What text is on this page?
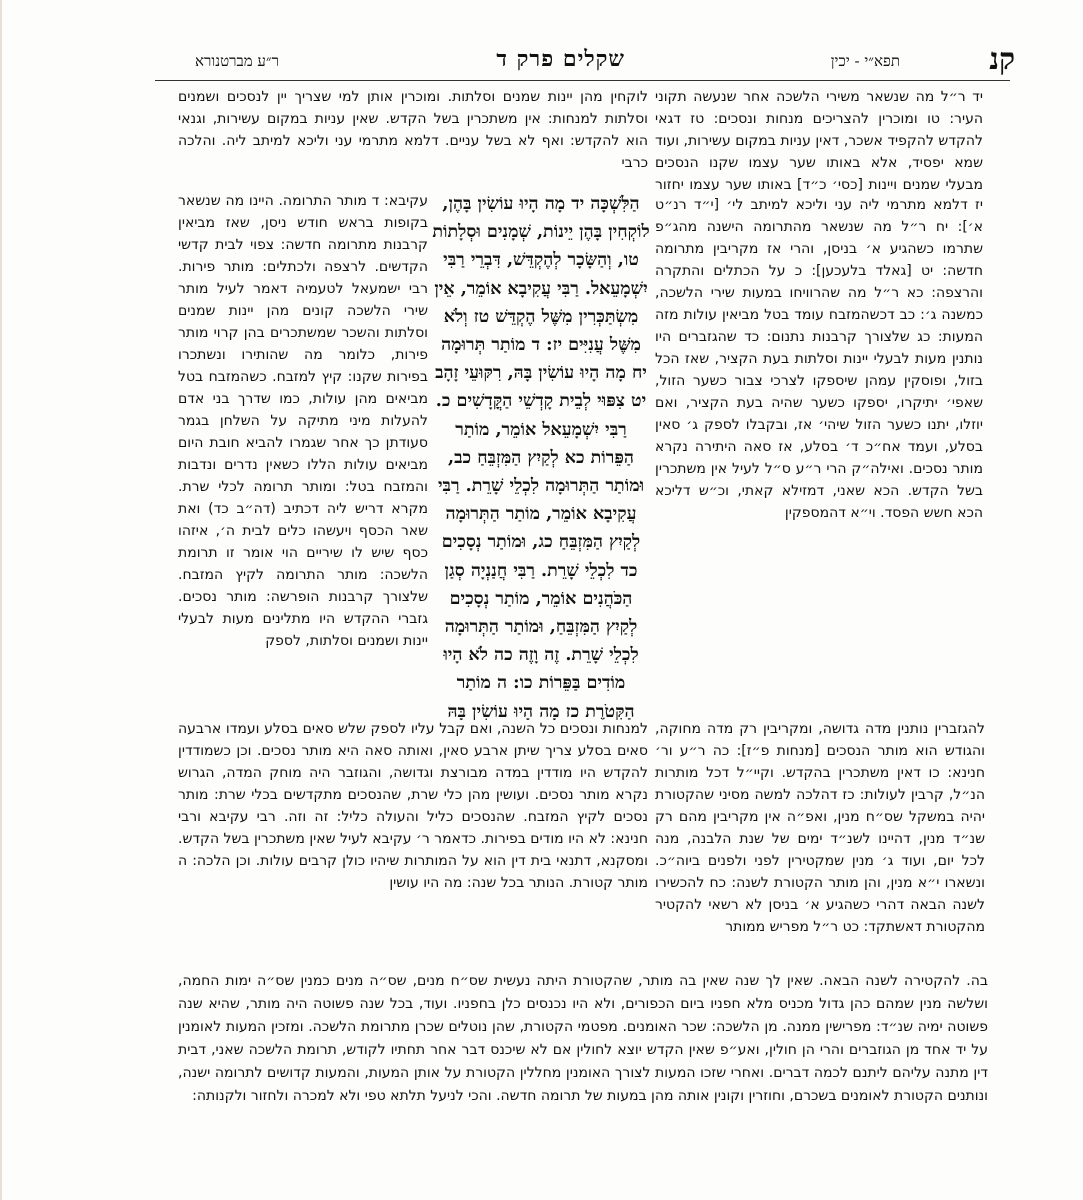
קנ
תפא״י - יכין
שקלים פרק ד
ר״ע מברטנורא

יד ר״ל מה שנשאר משירי הלשכה אחר שנעשה תקוני העיר: טו ומוכרין להצריכים מנחות ונסכים: טז דגאי להקדש להקפיד אשכר, דאין עניות במקום עשירות, ועוד שמא יפסיד, אלא באותו שער עצמו שקנו הנסכים מבעלי שמנים ויינות [כסי׳ כ״ד] באותו שער עצמו יחזור

יז דלמא מתרמי ליה עני וליכא למיתב לי׳ [י״ד רנ״ט א׳]: יח ר״ל מה שנשאר מהתרומה הישנה מהג״פ שתרמו כשהגיע א׳ בניסן, והרי אז מקריבין מתרומה חדשה: יט [גאלד בלעכען]: כ על הכתלים והתקרה והרצפה: כא ר״ל מה שהרוויחו במעות שירי הלשכה, כמשנה ג׳: כב דכשהמזבח עומד בטל מביאין עולות מזה המעות: כג שלצורך קרבנות נתנום: כד שהגזברים היו נותנין מעות לבעלי יינות וסלתות בעת הקציר, שאז הכל בזול, ופוסקין עמהן שיספקו לצרכי צבור כשער הזול, שאפי׳ יתיקרו, יספקו כשער שהיה בעת הקציר, ואם יוזלו, יתנו כשער הזול שיהי׳ אז, ובקבלו לספק ג׳ סאין בסלע, ועמד אח״כ ד׳ בסלע, אז סאה היתירה נקרא מותר נסכים. ואילה״ק הרי ר״ע ס״ל לעיל אין משתכרין בשל הקדש. הכא שאני, דמזילא קאתי, וכ״ש דליכא הכא חשש הפסד. וי״א דהמספקין

להגזברין נותנין מדה גדושה, ומקריבין רק מדה מחוקה, והגודש הוא מותר הנסכים [מנחות פ״ז]: כה ר״ע ור׳ חנינא: כו דאין משתכרין בהקדש. וקיי״ל דכל מותרות הנ״ל, קרבין לעולות: כז דהלכה למשה מסיני שהקטורת יהיה במשקל שס״ח מנין, ואפ״ה אין מקריבין מהם רק שנ״ד מנין, דהיינו לשנ״ד ימים של שנת הלבנה, מנה לכל יום, ועוד ג׳ מנין שמקטירין לפני ולפנים ביוה״כ. ונשארו י״א מנין, והן מותר הקטורת לשנה: כח להכשירו לשנה הבאה דהרי כשהגיע א׳ בניסן לא רשאי להקטיר מהקטורת דאשתקד: כט ר״ל מפריש ממותר

לוקחין מהן יינות שמנים וסלתות. ומוכרין אותן למי שצריך יין לנסכים ושמנים וסלתות למנחות: אין משתכרין בשל הקדש. שאין עניות במקום עשירות, וגנאי הוא להקדש: ואף לא בשל עניים. דלמא מתרמי עני וליכא למיתב ליה. והלכה כרבי

עקיבא: ד מותר התרומה. היינו מה שנשאר בקופות בראש חודש ניסן, שאז מביאין קרבנות מתרומה חדשה: צפוי לבית קדשי הקדשים. לרצפה ולכתלים: מותר פירות. רבי ישמעאל לטעמיה דאמר לעיל מותר שירי הלשכה קונים מהן יינות שמנים וסלתות והשכר שמשתכרים בהן קרוי מותר פירות, כלומר מה שהותירו ונשתכרו בפירות שקנו: קיץ למזבח. כשהמזבח בטל מביאים מהן עולות, כמו שדרך בני אדם להעלות מיני מתיקה על השלחן בגמר סעודתן כך אחר שגמרו להביא חובת היום מביאים עולות הללו כשאין נדרים ונדבות והמזבח בטל: ומותר תרומה לכלי שרת. מקרא דריש ליה דכתיב (דה״ב כד) ואת שאר הכסף ויעשהו כלים לבית ה׳, איזהו כסף שיש לו שיריים הוי אומר זו תרומת הלשכה: מותר התרומה לקיץ המזבח. שלצורך קרבנות הופרשה: מותר נסכים. גזברי ההקדש היו מתלינים מעות לבעלי יינות ושמנים וסלתות, לספק

למנחות ונסכים כל השנה, ואם קבל עליו לספק שלש סאים בסלע ועמדו ארבעה סאים בסלע צריך שיתן ארבע סאין, ואותה סאה היא מותר נסכים. וכן כשמודדין להקדש היו מודדין במדה מבורצת וגדושה, והגוזבר היה מוחק המדה, הגרוש נקרא מותר נסכים. ועושין מהן כלי שרת, שהנסכים מתקדשים בכלי שרת: מותר נסכים לקיץ המזבח. שהנסכים כליל והעולה כליל: זה וזה. רבי עקיבא ורבי חנינא: לא היו מודים בפירות. כדאמר ר׳ עקיבא לעיל שאין משתכרין בשל הקדש. ומסקנא, דתנאי בית דין הוא על המותרות שיהיו כולן קרבים עולות. וכן הלכה: ה מותר קטורת. הנותר בכל שנה: מה היו עושין

הַלִּשְׁכָּה יד מָה הָיוּ עוֹשִׂין בָּהֶן, לוֹקְחִין בָּהֶן יֵינוֹת, שְׁמָנִים וּסְלָתוֹת טו, וְהַשָּׂכָר לְהֶקְדֵּשׁ, דִּבְרֵי רַבִּי יִשְׁמָעֵאל. רַבִּי עֲקִיבָא אוֹמֵר, אֵין מִשְׂתַּכְּרִין מִשֶּׁל הֶקְדֵּשׁ טז וְלֹא מִשֶּׁל עֲנִיִּים יז: ד מוֹתַר תְּרוּמָה יח מָה הָיוּ עוֹשִׂין בָּהּ, רִקּוּעֵי זָהָב יט צִפּוּי לְבֵית קָדְשֵׁי הַקֳּדָשִׁים כ. רַבִּי יִשְׁמָעֵאל אוֹמֵר, מוֹתַר הַפֵּרוֹת כא לְקַיִץ הַמִּזְבֵּחַ כב, וּמוֹתַר הַתְּרוּמָה לִכְלֵי שָׁרֵת. רַבִּי עֲקִיבָא אוֹמֵר, מוֹתַר הַתְּרוּמָה לְקַיִץ הַמִּזְבֵּחַ כג, וּמוֹתַר נְסָכִים כד לִכְלֵי שָׁרֵת. רַבִּי חֲנַנְיָה סְגַן הַכֹּהֲנִים אוֹמֵר, מוֹתַר נְסָכִים לְקַיִץ הַמִּזְבֵּחַ, וּמוֹתַר הַתְּרוּמָה לִכְלֵי שָׁרֵת. זֶה וָזֶה כה לֹא הָיוּ מוֹדִים בַּפֵּרוֹת כו: ה מוֹתַר הַקְּטֹרֶת כז מָה הָיוּ עוֹשִׂין בָּהּ

בה. להקטירה לשנה הבאה. שאין לך שנה שאין בה מותר, שהקטורת היתה נעשית שס״ח מנים, שס״ה מנים כמנין שס״ה ימות החמה, ושלשה מנין שמהם כהן גדול מכניס מלא חפניו ביום הכפורים, ולא היו נכנסים כלן בחפניו. ועוד, בכל שנה פשוטה היה מותר, שהיא שנה פשוטה ימיה שנ״ד: מפרישין ממנה. מן הלשכה: שכר האומנים. מפטמי הקטורת, שהן נוטלים שכרן מתרומת הלשכה. ומזכין המעות לאומנין על יד אחד מן הגוזברים והרי הן חולין, ואע״פ שאין הקדש יוצא לחולין אם לא שיכנס דבר אחר תחתיו לקודש, תרומת הלשכה שאני, דבית דין מתנה עליהם ליתנם לכמה דברים. ואחרי שזכו המעות לצורך האומנין מחללין הקטורת על אותן המעות, והמעות קדושים לתרומה ישנה, ונותנים הקטורת לאומנים בשכרם, וחוזרין וקונין אותה מהן במעות של תרומה חדשה. והכי לניעל תלתא טפי ולא למכרה ולחזור ולקנותה:
